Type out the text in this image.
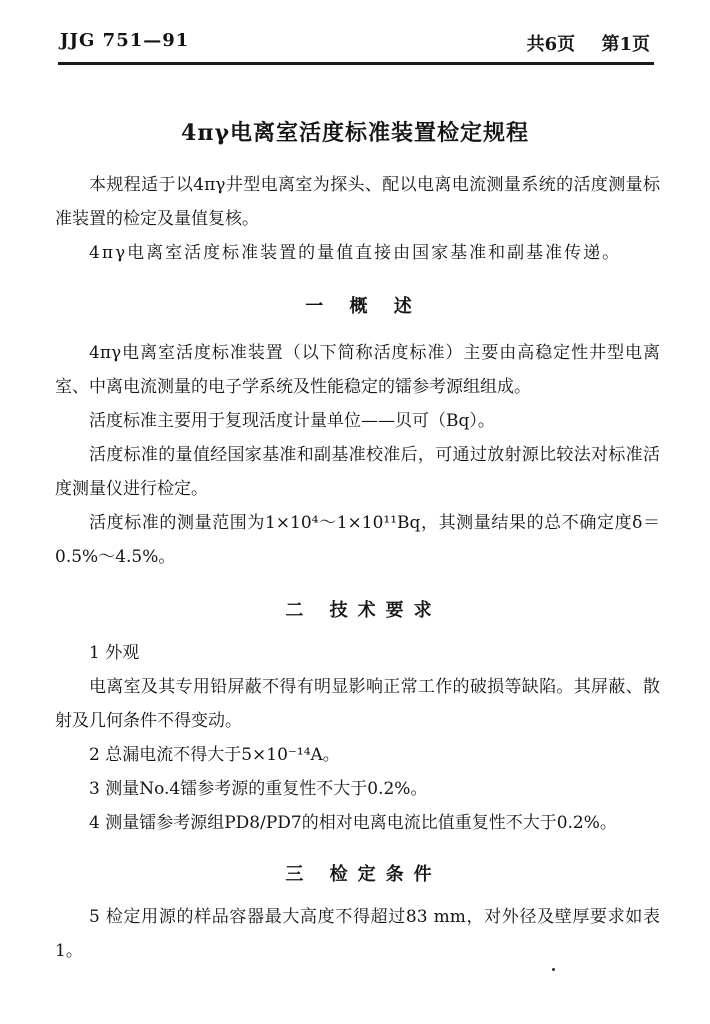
JJG 751—91	共6页 第1页
4πγ电离室活度标准装置检定规程

本规程适于以4πγ井型电离室为探头、配以电离电流测量系统的活度测量标准装置的检定及量值复核。

4πγ电离室活度标准装置的量值直接由国家基准和副基准传递。

一 概 述

4πγ电离室活度标准装置（以下简称活度标准）主要由高稳定性井型电离室、中离电流测量的电子学系统及性能稳定的镭参考源组组成。

活度标准主要用于复现活度计量单位——贝可（Bq）。

活度标准的量值经国家基准和副基准校准后，可通过放射源比较法对标准活度测量仪进行检定。

活度标准的测量范围为1×10⁴～1×10¹¹Bq，其测量结果的总不确定度δ＝0.5%～4.5%。

二 技术要求

1 外观

电离室及其专用铅屏蔽不得有明显影响正常工作的破损等缺陷。其屏蔽、散射及几何条件不得变动。

2 总漏电流不得大于5×10⁻¹⁴A。

3 测量No.4镭参考源的重复性不大于0.2%。

4 测量镭参考源组PD8/PD7的相对电离电流比值重复性不大于0.2%。

三 检定条件

5 检定用源的样品容器最大高度不得超过83 mm，对外径及壁厚要求如表1。
